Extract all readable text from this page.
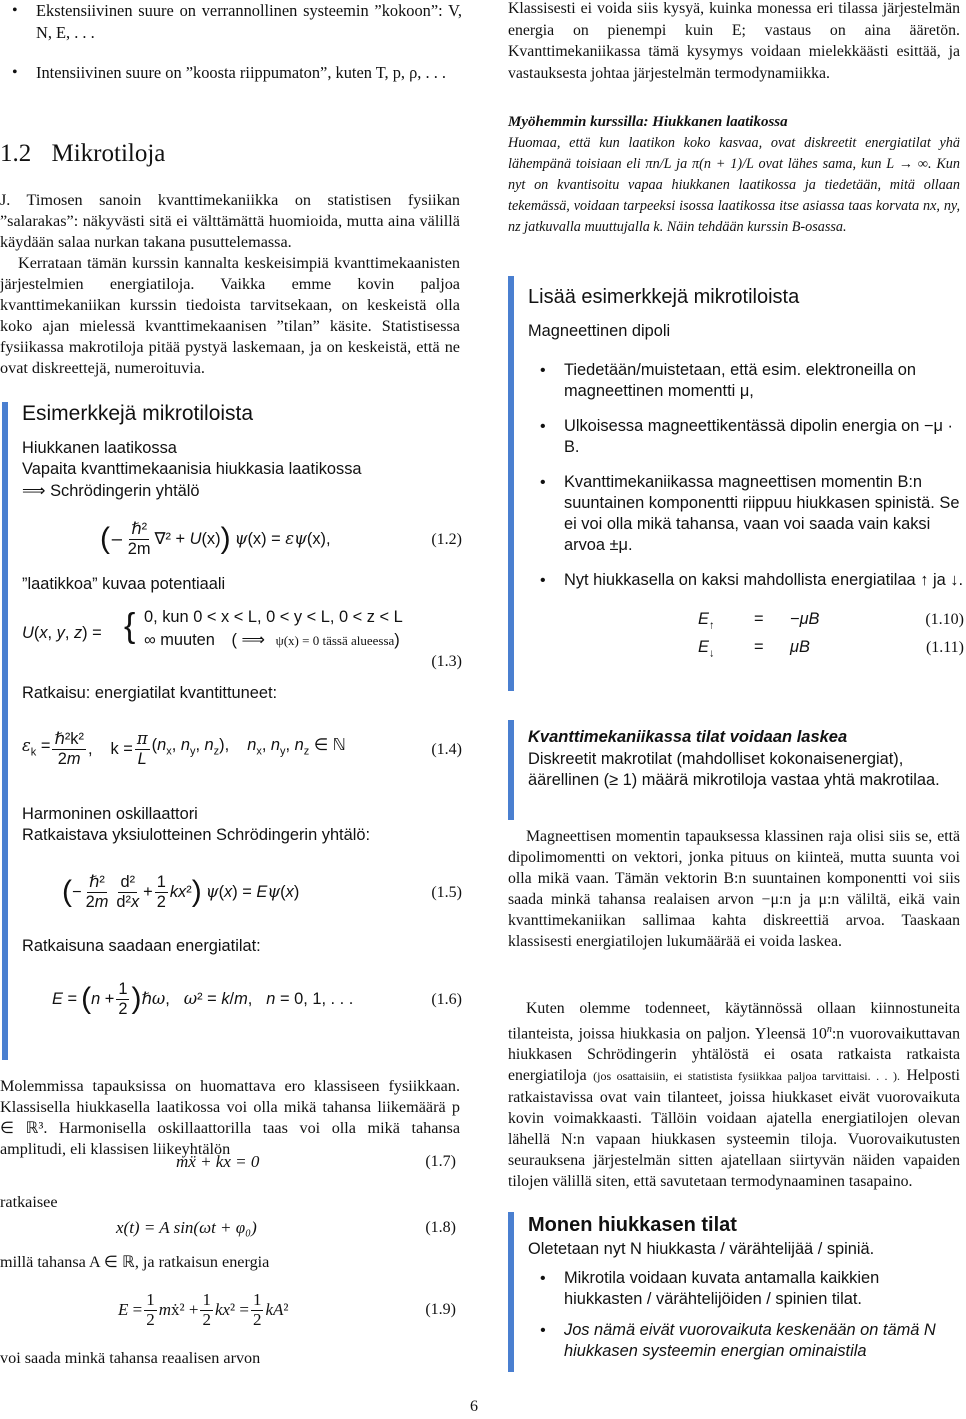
• Ekstensiivinen suure on verrannollinen systeemin ”kokoon”: V, N, E, . . .
• Intensiivinen suure on ”koosta riippumaton”, kuten T, p, ρ, . . .
1.2 Mikrotiloja

J. Timosen sanoin kvanttimekaniikka on statistisen fysiikan ”salarakas”: näkyvästi sitä ei välttämättä huomioida, mutta aina välillä käydään salaa nurkan takana pusuttelemassa.

Kerrataan tämän kurssin kannalta keskeisimpiä kvanttimekaanisten järjestelmien energiatiloja. Vaikka emme kovin paljoa kvanttimekaniikan kurssin tiedoista tarvitsekaan, on keskeistä olla koko ajan mielessä kvanttimekaanisen ”tilan” käsite. Statistisessa fysiikassa makrotiloja pitää pystyä laskemaan, ja on keskeistä, että ne ovat diskreettejä, numeroituvia.

Esimerkkejä mikrotiloista
Hiukkanen laatikossa
Vapaita kvanttimekaanisia hiukkasia laatikossa
⟹ Schrödingerin yhtälö
( − $\frac{\text{ℏ²}}{2m} \nabla^2 + U(x)$ ) ψ(x) = εψ(x),	(1.2)
”laatikkoa” kuvaa potentiaali
U(x, y, z) = { 0, kun 0 < x < L, 0 < y < L, 0 < z < L
∞ muuten ( ⟹ ψ(x) = 0 tässä alueessa)
(1.3)
Ratkaisu: energiatilat kvantittuneet:
$\varepsilon_k = \frac{\text{ℏ²k²}}{2m}$ , $k = \frac{\pi}{L} (n_x$, $n_y$, $n_z$), $n_x$, $n_y$, $n_z$ ∈ ℕ	(1.4)
Harmoninen oskillaattori
Ratkaistava yksiulotteinen Schrödingerin yhtälö:
( − $\frac{\text{ℏ²}}{2m} \frac{\text{d²}}{\text{d²x}} + \frac{1}{2} kx^2$ ) ψ(x) = Eψ(x)	(1.5)
Ratkaisuna saadaan energiatilat:
E = ( $n + \frac{1}{2}$ ) ℏω, ω² = k/m, n = 0, 1, . . .	(1.6)

Molemmissa tapauksissa on huomattava ero klassiseen fysiikkaan. Klassisella hiukkasella laatikossa voi olla mikä tahansa liikemäärä p ∈ ℝ³. Harmonisella oskillaattorilla taas voi olla mikä tahansa amplitudi, eli klassisen liikeyhtälön

mẍ + kx = 0	(1.7)
ratkaisee
x(t) = A sin(ωt + φ₀)	(1.8)
millä tahansa A ∈ ℝ, ja ratkaisun energia
$E = \frac{1}{2}$ mẋ² + $\frac{1}{2} kx^2 = \frac{1}{2} kA^2$	(1.9)
voi saada minkä tahansa reaalisen arvon

Klassisesti ei voida siis kysyä, kuinka monessa eri tilassa järjestelmän energia on pienempi kuin E; vastaus on aina ääretön. Kvanttimekaniikassa tämä kysymys voidaan mielekkäästi esittää, ja vastauksesta johtaa järjestelmän termodynamiikka.

Myöhemmin kurssilla: Hiukkanen laatikossa

Huomaa, että kun laatikon koko kasvaa, ovat diskreetit energiatilat yhä lähempänä toisiaan eli πn/L ja π(n + 1)/L ovat lähes sama, kun L → ∞. Kun nyt on kvantisoitu vapaa hiukkanen laatikossa ja tiedetään, mitä ollaan tekemässä, voidaan tarpeeksi isossa laatikossa itse asiassa taas korvata nx, ny, nz jatkuvalla muuttujalla k. Näin tehdään kurssin B-osassa.

Lisää esimerkkejä mikrotiloista
Magneettinen dipoli
• Tiedetään/muistetaan, että esim. elektroneilla on magneettinen momentti μ,
• Ulkoisessa magneettikentässä dipolin energia on −μ · B.
• Kvanttimekaniikassa magneettisen momentin B:n suuntainen komponentti riippuu hiukkasen spinistä. Se ei voi olla mikä tahansa, vaan voi saada vain kaksi arvoa ±μ.
• Nyt hiukkasella on kaksi mahdollista energiatilaa ↑ ja ↓.
$E_↑ = -\mu B$	(1.10)
$E_↓ = \mu B$	(1.11)
Kvanttimekaniikassa tilat voidaan laskea
Diskreetit makrotilat (mahdolliset kokonaisenergiat), äärellinen (≥ 1) määrä mikrotiloja vastaa yhtä makrotilaa.

Magneettisen momentin tapauksessa klassinen raja olisi siis se, että dipolimomentti on vektori, jonka pituus on kiinteä, mutta suunta voi olla mikä vaan. Tämän vektorin B:n suuntainen komponentti voi siis saada minkä tahansa realaisen arvon −μ:n ja μ:n väliltä, eikä vain kvanttimekaniikan sallimaa kahta diskreettiä arvoa. Taaskaan klassisesti energiatilojen lukumäärää ei voida laskea.

Kuten olemme todenneet, käytännössä ollaan kiinnostuneita tilanteista, joissa hiukkasia on paljon. Yleensä 10$^n$:n vuorovaikuttavan hiukkasen Schrödingerin yhtälöstä ei osata ratkaista ratkaista energiatiloja (jos osattaisiin, ei statistista fysiikkaa paljoa tarvittaisi. . . ). Helposti ratkaistavissa ovat vain tilanteet, joissa hiukkaset eivät vuorovaikuta kovin voimakkaasti. Tällöin voidaan ajatella energiatilojen olevan lähellä N:n vapaan hiukkasen systeemin tiloja. Vuorovaikutusten seurauksena järjestelmän sitten ajatellaan siirtyvän näiden vapaiden tilojen välillä siten, että savutetaan termodynaaminen tasapaino.

Monen hiukkasen tilat
Oletetaan nyt N hiukkasta / värähtelijää / spiniä.
• Mikrotila voidaan kuvata antamalla kaikkien hiukkasten / värähtelijöiden / spinien tilat.
• Jos nämä eivät vuorovaikuta keskenään on tämä N hiukkasen systeemin energian ominaistila
6
